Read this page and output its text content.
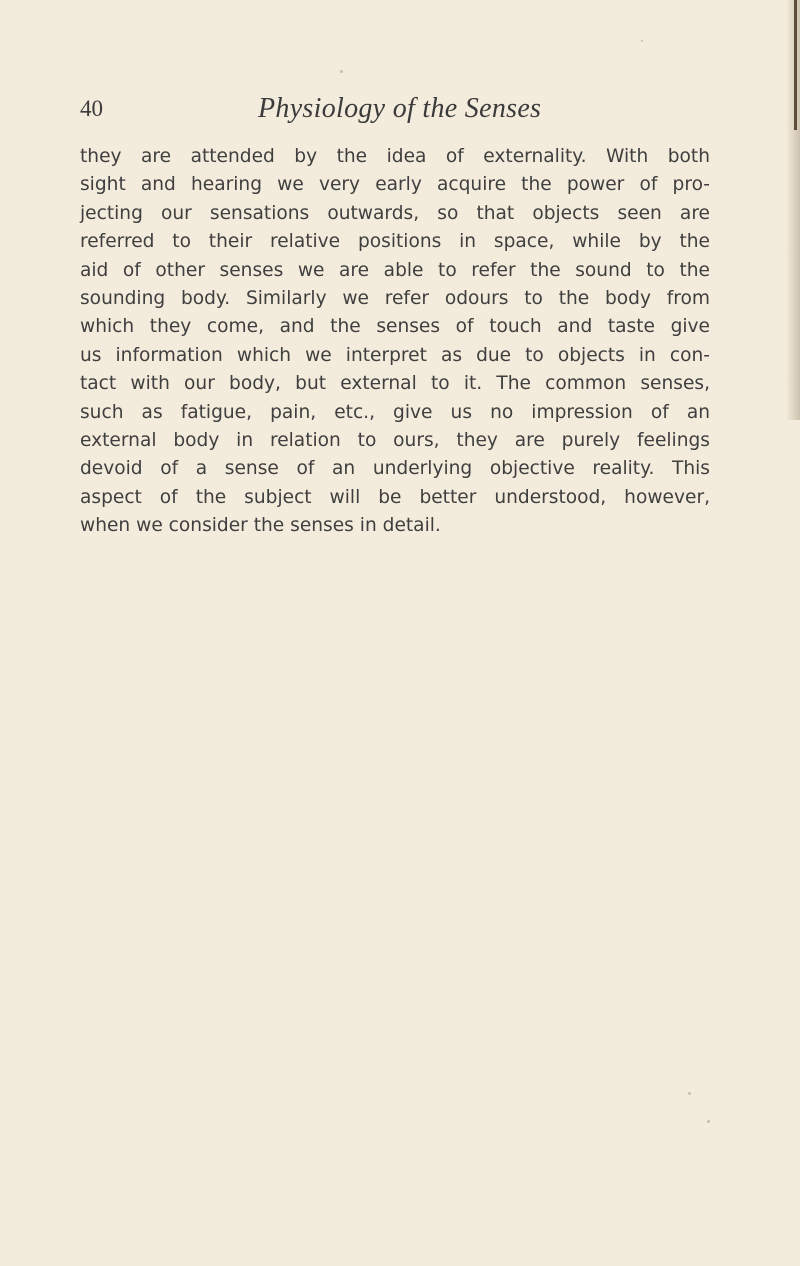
40	Physiology of the Senses

they are attended by the idea of externality. With both
sight and hearing we very early acquire the power of pro-
jecting our sensations outwards, so that objects seen are
referred to their relative positions in space, while by the
aid of other senses we are able to refer the sound to the
sounding body. Similarly we refer odours to the body from
which they come, and the senses of touch and taste give
us information which we interpret as due to objects in con-
tact with our body, but external to it. The common senses,
such as fatigue, pain, etc., give us no impression of an
external body in relation to ours, they are purely feelings
devoid of a sense of an underlying objective reality. This
aspect of the subject will be better understood, however,
when we consider the senses in detail.
